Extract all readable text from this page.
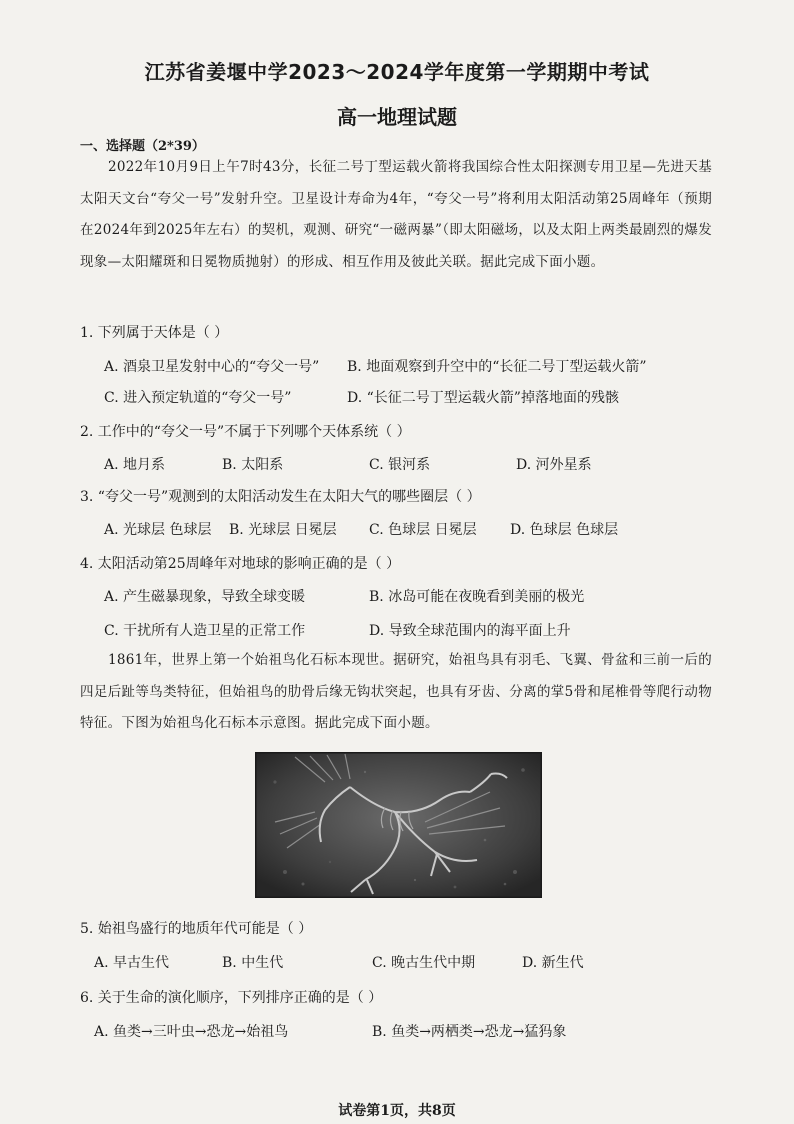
江苏省姜堰中学2023～2024学年度第一学期期中考试
高一地理试题
一、选择题（2*39）
2022年10月9日上午7时43分，长征二号丁型运载火箭将我国综合性太阳探测专用卫星—先进天基太阳天文台“夸父一号”发射升空。卫星设计寿命为4年，“夸父一号”将利用太阳活动第25周峰年（预期在2024年到2025年左右）的契机，观测、研究“一磁两暴”（即太阳磁场，以及太阳上两类最剧烈的爆发现象—太阳耀斑和日冕物质抛射）的形成、相互作用及彼此关联。据此完成下面小题。
1. 下列属于天体是（ ）
A. 酒泉卫星发射中心的“夸父一号” B. 地面观察到升空中的“长征二号丁型运载火箭”
C. 进入预定轨道的“夸父一号”	D. “长征二号丁型运载火箭”掉落地面的残骸
2. 工作中的“夸父一号”不属于下列哪个天体系统（ ）
A. 地月系	B. 太阳系	C. 银河系	D. 河外星系
3. “夸父一号”观测到的太阳活动发生在太阳大气的哪些圈层（ ）
A. 光球层 色球层 B. 光球层 日冕层 C. 色球层 日冕层 D. 色球层 色球层
4. 太阳活动第25周峰年对地球的影响正确的是（ ）
A. 产生磁暴现象，导致全球变暖	B. 冰岛可能在夜晚看到美丽的极光
C. 干扰所有人造卫星的正常工作	D. 导致全球范围内的海平面上升
1861年，世界上第一个始祖鸟化石标本现世。据研究，始祖鸟具有羽毛、飞翼、骨盆和三前一后的四足后趾等鸟类特征，但始祖鸟的肋骨后缘无钩状突起，也具有牙齿、分离的掌5骨和尾椎骨等爬行动物特征。下图为始祖鸟化石标本示意图。据此完成下面小题。
5. 始祖鸟盛行的地质年代可能是（ ）
A. 早古生代	B. 中生代	C. 晚古生代中期	D. 新生代
6. 关于生命的演化顺序，下列排序正确的是（ ）
A. 鱼类→三叶虫→恐龙→始祖鸟	B. 鱼类→两栖类→恐龙→猛犸象
试卷第1页，共8页
